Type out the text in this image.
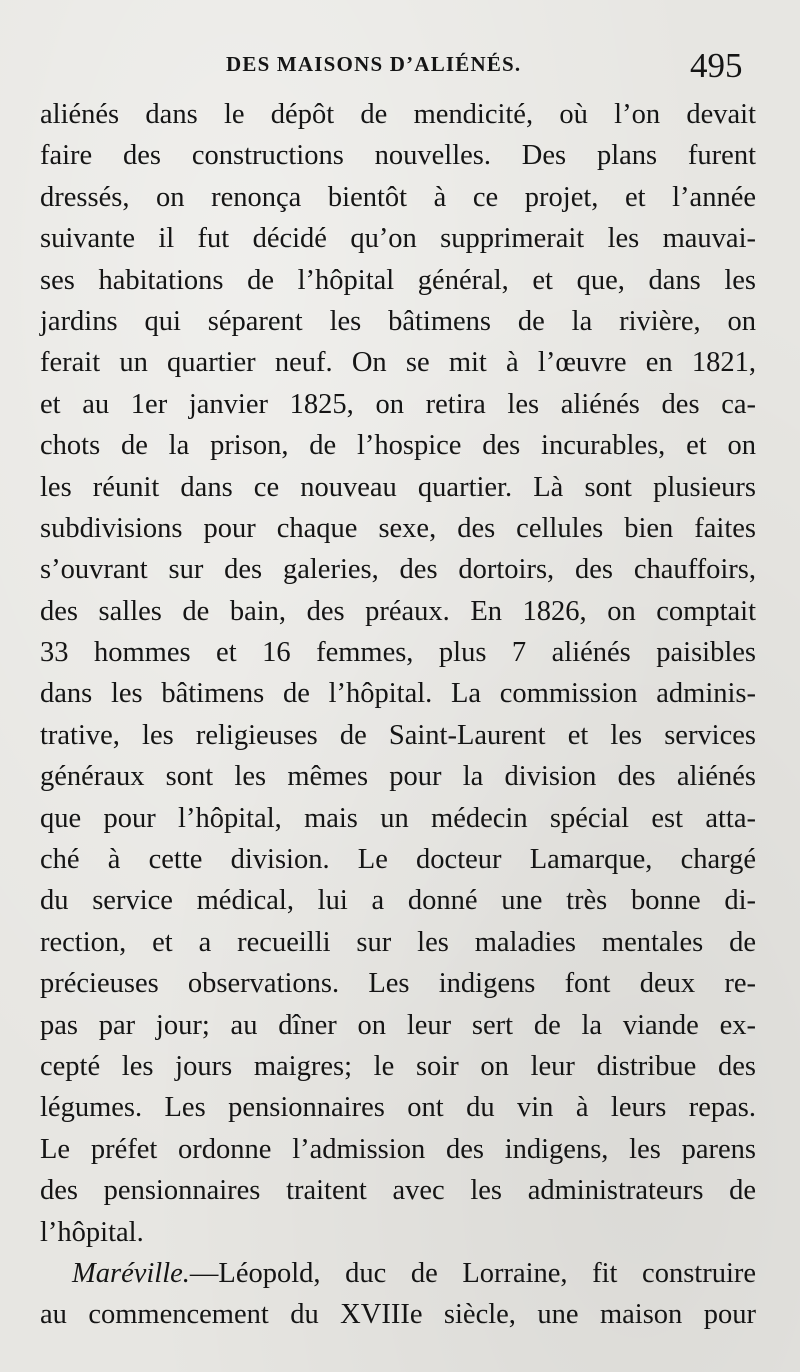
DES MAISONS D’ALIÉNÉS.	495
aliénés dans le dépôt de mendicité, où l’on devait
faire des constructions nouvelles. Des plans furent
dressés, on renonça bientôt à ce projet, et l’année
suivante il fut décidé qu’on supprimerait les mauvai-
ses habitations de l’hôpital général, et que, dans les
jardins qui séparent les bâtimens de la rivière, on
ferait un quartier neuf. On se mit à l’œuvre en 1821,
et au 1er janvier 1825, on retira les aliénés des ca-
chots de la prison, de l’hospice des incurables, et on
les réunit dans ce nouveau quartier. Là sont plusieurs
subdivisions pour chaque sexe, des cellules bien faites
s’ouvrant sur des galeries, des dortoirs, des chauffoirs,
des salles de bain, des préaux. En 1826, on comptait
33 hommes et 16 femmes, plus 7 aliénés paisibles
dans les bâtimens de l’hôpital. La commission adminis-
trative, les religieuses de Saint-Laurent et les services
généraux sont les mêmes pour la division des aliénés
que pour l’hôpital, mais un médecin spécial est atta-
ché à cette division. Le docteur Lamarque, chargé
du service médical, lui a donné une très bonne di-
rection, et a recueilli sur les maladies mentales de
précieuses observations. Les indigens font deux re-
pas par jour; au dîner on leur sert de la viande ex-
cepté les jours maigres; le soir on leur distribue des
légumes. Les pensionnaires ont du vin à leurs repas.
Le préfet ordonne l’admission des indigens, les parens
des pensionnaires traitent avec les administrateurs de
l’hôpital.
Maréville.—Léopold, duc de Lorraine, fit construire
au commencement du XVIIIe siècle, une maison pour
